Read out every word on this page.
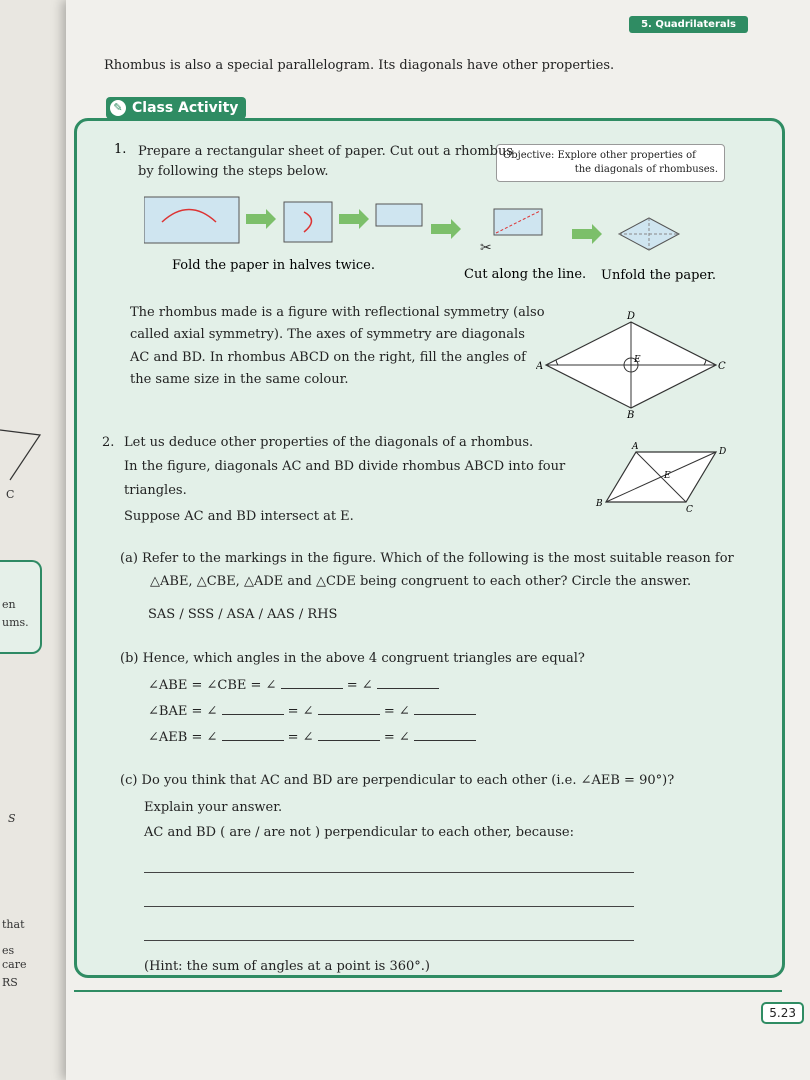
C
en
ums.
S
that
es
care
RS
5. Quadrilaterals
Rhombus is also a special parallelogram. Its diagonals have other properties.
✎ Class Activity
Objective: Explore other properties of
the diagonals of rhombuses.
1. Prepare a rectangular sheet of paper. Cut out a rhombus
by following the steps below.
✂
Fold the paper in halves twice.
Cut along the line. Unfold the paper.
The rhombus made is a figure with reflectional symmetry (also
called axial symmetry). The axes of symmetry are diagonals
AC and BD. In rhombus ABCD on the right, fill the angles of
the same size in the same colour.
A
D
C
B
E
2. Let us deduce other properties of the diagonals of a rhombus.
In the figure, diagonals AC and BD divide rhombus ABCD into four
triangles.
Suppose AC and BD intersect at E.
A	D
C
B
E
(a) Refer to the markings in the figure. Which of the following is the most suitable reason for
△ABE, △CBE, △ADE and △CDE being congruent to each other? Circle the answer.
SAS / SSS / ASA / AAS / RHS
(b) Hence, which angles in the above 4 congruent triangles are equal?
∠ABE = ∠CBE = ∠	= ∠
∠BAE = ∠	= ∠	= ∠
∠AEB = ∠	= ∠	= ∠
(c) Do you think that AC and BD are perpendicular to each other (i.e. ∠AEB = 90°)?
Explain your answer.
AC and BD ( are / are not ) perpendicular to each other, because:
(Hint: the sum of angles at a point is 360°.)
5.23
